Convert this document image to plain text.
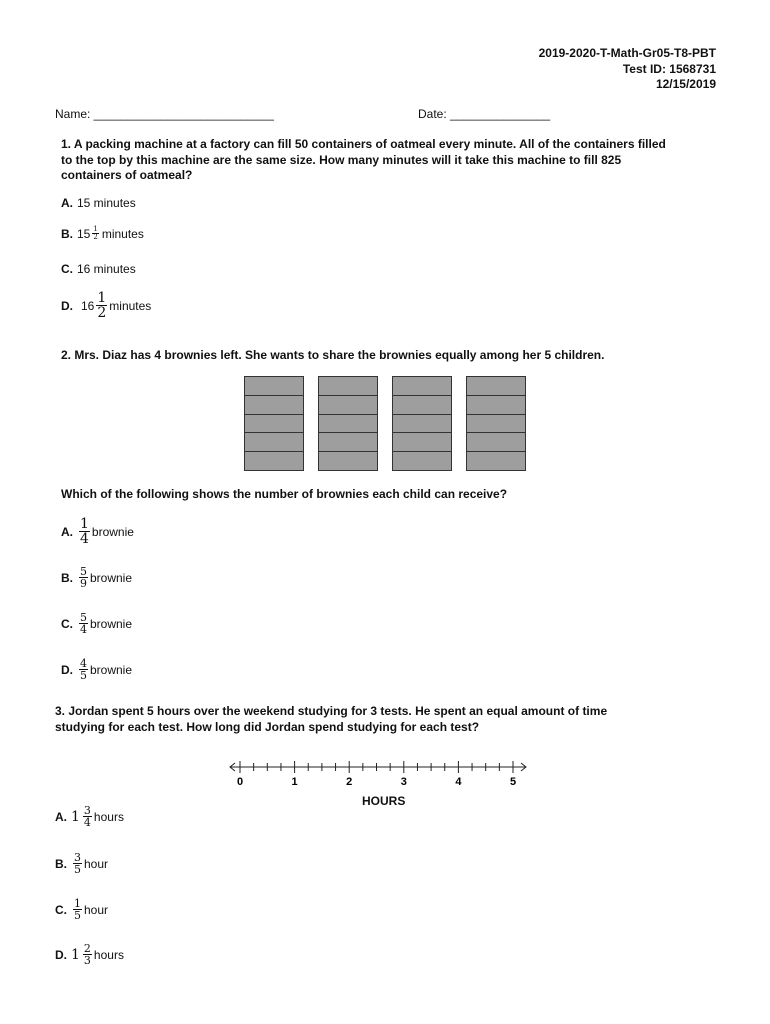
2019-2020-T-Math-Gr05-T8-PBT
Test ID: 1568731
12/15/2019
Name: ___________________________	Date: _______________
1. A packing machine at a factory can fill 50 containers of oatmeal every minute. All of the containers filled
to the top by this machine are the same size. How many minutes will it take this machine to fill 825
containers of oatmeal?
A. 15 minutes
B. $15 \frac{1}{2}$ minutes
C. 16 minutes
D. $16 \frac{1}{2}$ minutes
2. Mrs. Diaz has 4 brownies left. She wants to share the brownies equally among her 5 children.
Which of the following shows the number of brownies each child can receive?
A. $\frac{1}{4}$ brownie
B. $\frac{5}{9}$ brownie
C. $\frac{5}{4}$ brownie
D. $\frac{4}{5}$ brownie
3. Jordan spent 5 hours over the weekend studying for 3 tests. He spent an equal amount of time
studying for each test. How long did Jordan spend studying for each test?
0	1	2	3	4	5
HOURS
A. $1 \frac{3}{4}$ hours
B. $\frac{3}{5}$ hour
C. $\frac{1}{5}$ hour
D. $1 \frac{2}{3}$ hours
